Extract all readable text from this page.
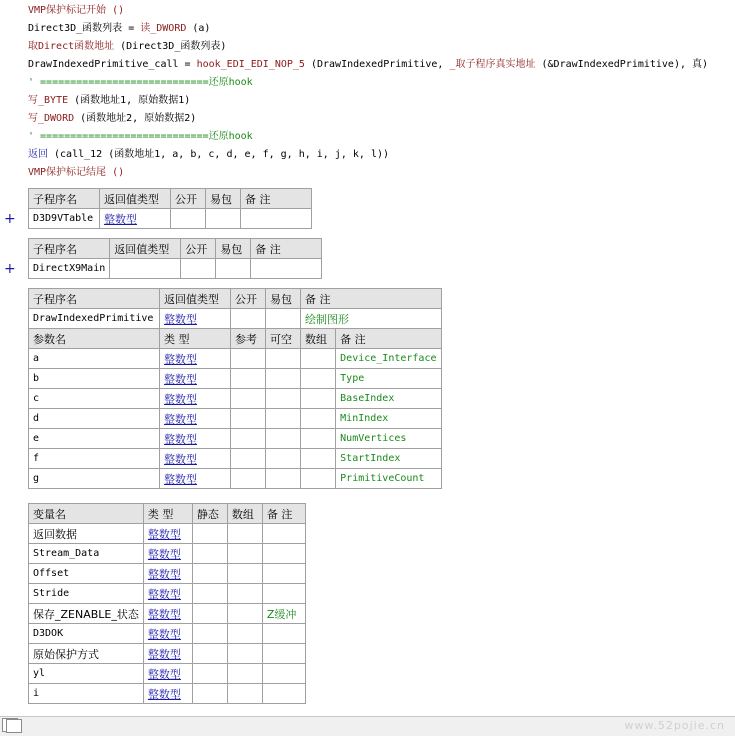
VMP保护标记开始 ()
Direct3D_函数列表 = 读_DWORD (a)
取Direct函数地址 (Direct3D_函数列表)
DrawIndexedPrimitive_call = hook_EDI_EDI_NOP_5 (DrawIndexedPrimitive, _取子程序真实地址 (&DrawIndexedPrimitive), 真)
' ============================还原hook
写_BYTE (函数地址1, 原始数据1)
写_DWORD (函数地址2, 原始数据2)
' ============================还原hook
返回 (call_12 (函数地址1, a, b, c, d, e, f, g, h, i, j, k, l))
VMP保护标记结尾 ()
+
子程序名	返回值类型	公开	易包	备 注
D3D9VTable	整数型			
+
子程序名	返回值类型	公开	易包	备 注
DirectX9Main				
子程序名	返回值类型	公开	易包	备 注	
DrawIndexedPrimitive	整数型			绘制图形	
参数名	类 型	参考	可空	数组	备 注
a	整数型				Device_Interface
b	整数型				Type
c	整数型				BaseIndex
d	整数型				MinIndex
e	整数型				NumVertices
f	整数型				StartIndex
g	整数型				PrimitiveCount
变量名	类 型	静态	数组	备 注
返回数据	整数型			
Stream_Data	整数型			
Offset	整数型			
Stride	整数型			
保存_ZENABLE_状态	整数型			Z缓冲
D3DOK	整数型			
原始保护方式	整数型			
yl	整数型			
i	整数型			
www.52pojie.cn
